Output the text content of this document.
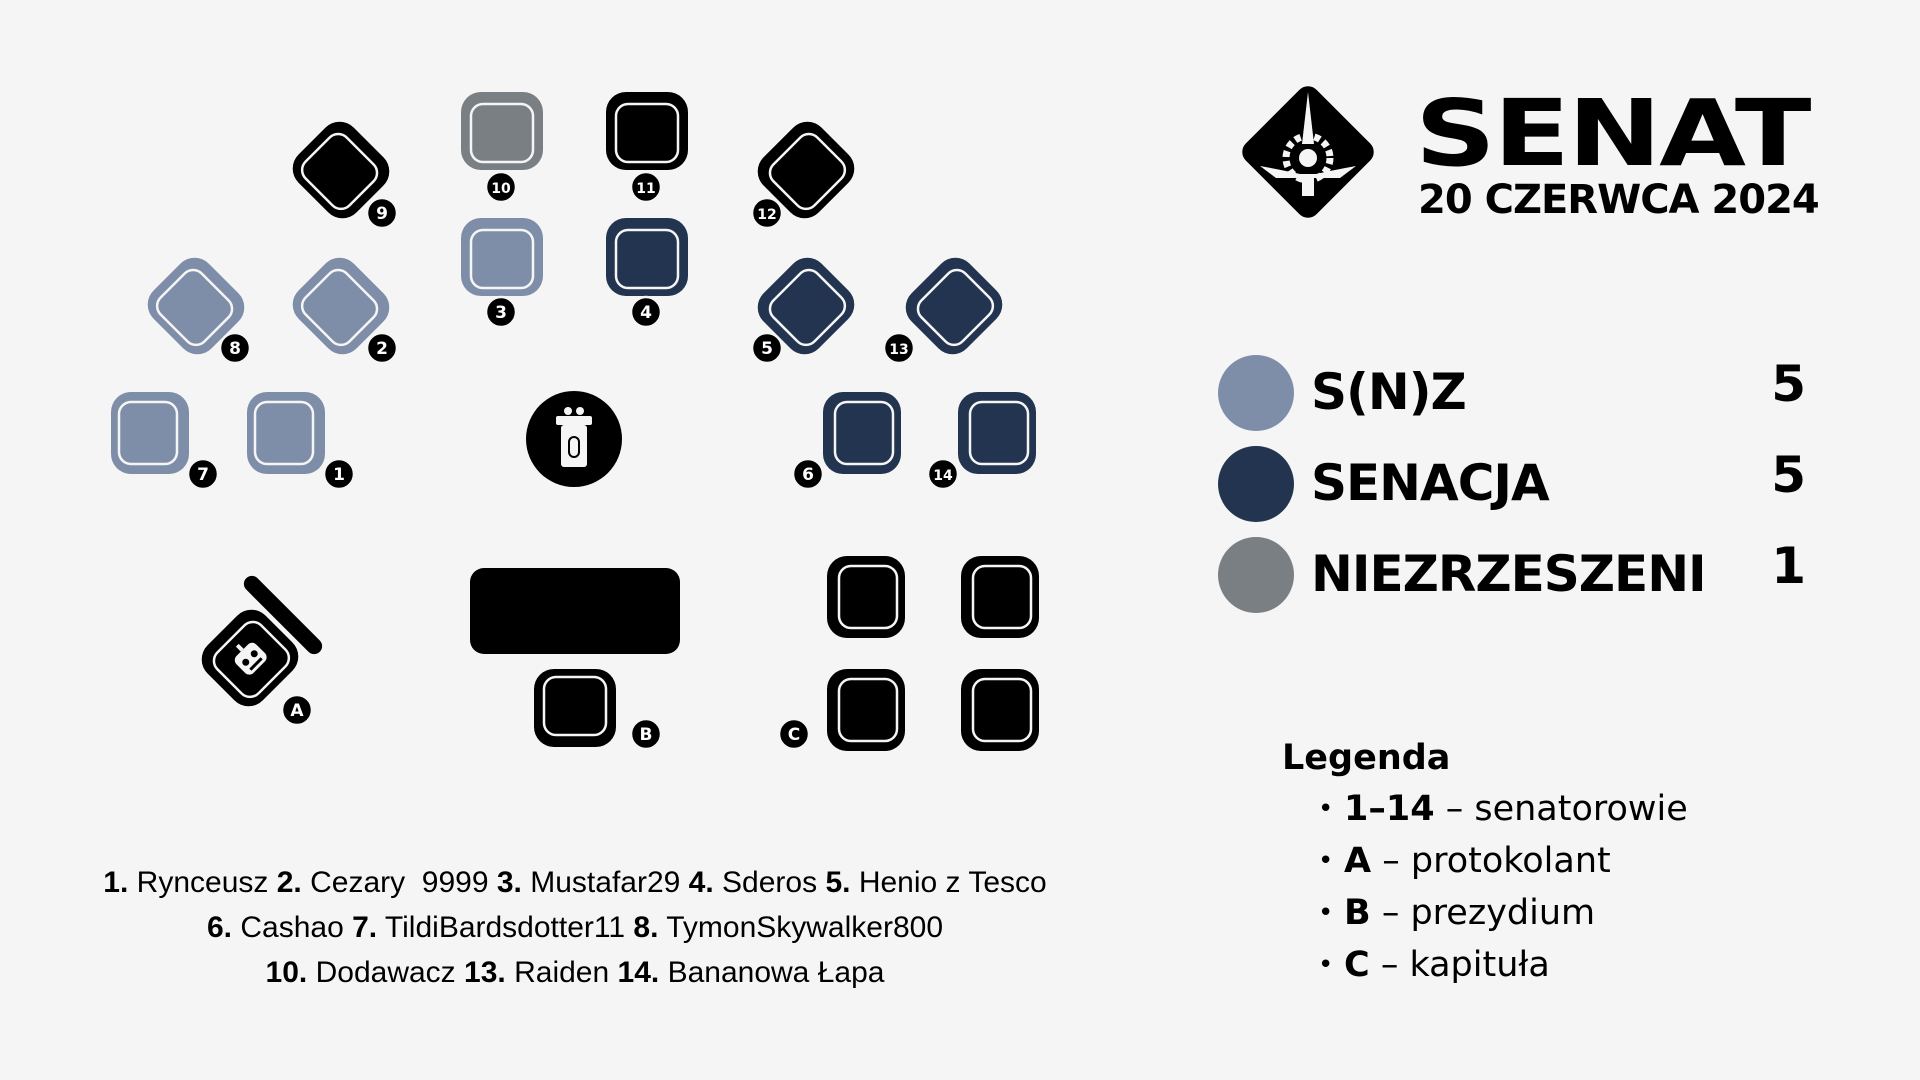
SENAT
20 CZERWCA 2024
S(N)Z	5
SENACJA	5
NIEZRZESZENI	1
Legenda
• 1–14 – senatorowie
• A – protokolant
• B – prezydium
• C – kapituła
1. Rynceusz 2. Cezary  9999 3. Mustafar29 4. Sderos 5. Henio z Tesco
6. Cashao 7. TildiBardsdotter11 8. TymonSkywalker800
10. Dodawacz 13. Raiden 14. Bananowa Łapa
1
2
3	4
5
6
7
8
9
10	11
12
13
14
B	C
A
